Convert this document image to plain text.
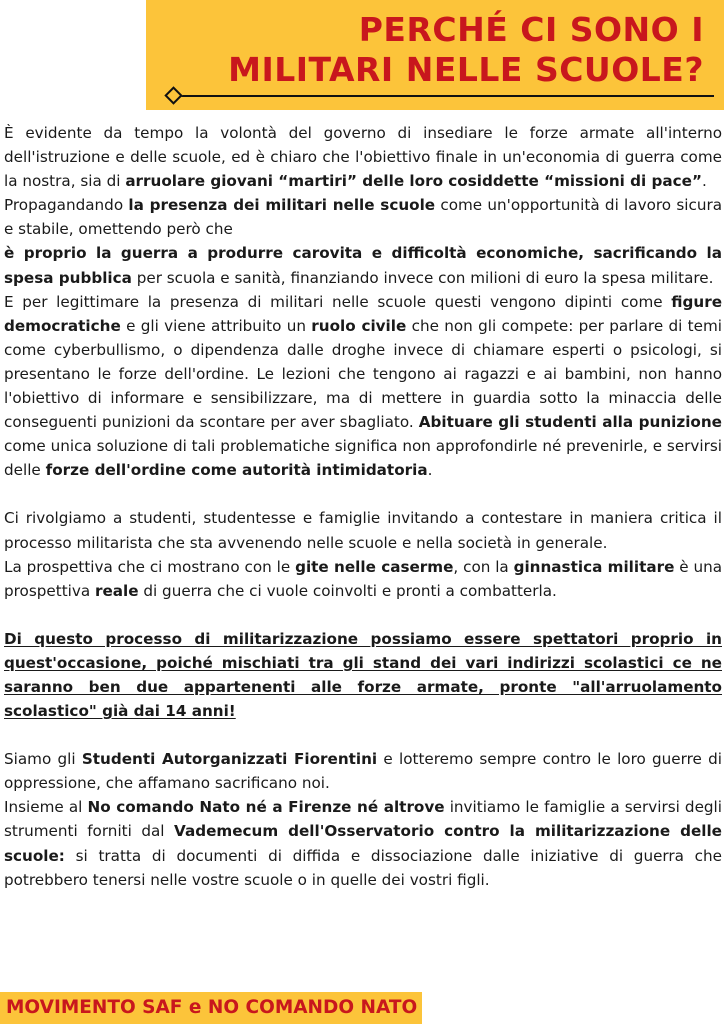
PERCHÉ CI SONO I
MILITARI NELLE SCUOLE?

È evidente da tempo la volontà del governo di insediare le forze armate all'interno dell'istruzione e delle scuole, ed è chiaro che l'obiettivo finale in un'economia di guerra come la nostra, sia di arruolare giovani “martiri” delle loro cosiddette “missioni di pace”.

Propagandando la presenza dei militari nelle scuole come un'opportunità di lavoro sicura e stabile, omettendo però che

è proprio la guerra a produrre carovita e difficoltà economiche, sacrificando la spesa pubblica per scuola e sanità, finanziando invece con milioni di euro la spesa militare.

E per legittimare la presenza di militari nelle scuole questi vengono dipinti come figure democratiche e gli viene attribuito un ruolo civile che non gli compete: per parlare di temi come cyberbullismo, o dipendenza dalle droghe invece di chiamare esperti o psicologi, si presentano le forze dell'ordine. Le lezioni che tengono ai ragazzi e ai bambini, non hanno l'obiettivo di informare e sensibilizzare, ma di mettere in guardia sotto la minaccia delle conseguenti punizioni da scontare per aver sbagliato. Abituare gli studenti alla punizione come unica soluzione di tali problematiche significa non approfondirle né prevenirle, e servirsi delle forze dell'ordine come autorità intimidatoria.

Ci rivolgiamo a studenti, studentesse e famiglie invitando a contestare in maniera critica il processo militarista che sta avvenendo nelle scuole e nella società in generale.

La prospettiva che ci mostrano con le gite nelle caserme, con la ginnastica militare è una prospettiva reale di guerra che ci vuole coinvolti e pronti a combatterla.

Di questo processo di militarizzazione possiamo essere spettatori proprio in quest'occasione, poiché mischiati tra gli stand dei vari indirizzi scolastici ce ne saranno ben due appartenenti alle forze armate, pronte "all'arruolamento scolastico" già dai 14 anni!

Siamo gli Studenti Autorganizzati Fiorentini e lotteremo sempre contro le loro guerre di oppressione, che affamano sacrificano noi.

Insieme al No comando Nato né a Firenze né altrove invitiamo le famiglie a servirsi degli strumenti forniti dal Vademecum dell'Osservatorio contro la militarizzazione delle scuole: si tratta di documenti di diffida e dissociazione dalle iniziative di guerra che potrebbero tenersi nelle vostre scuole o in quelle dei vostri figli.

MOVIMENTO SAF e NO COMANDO NATO
